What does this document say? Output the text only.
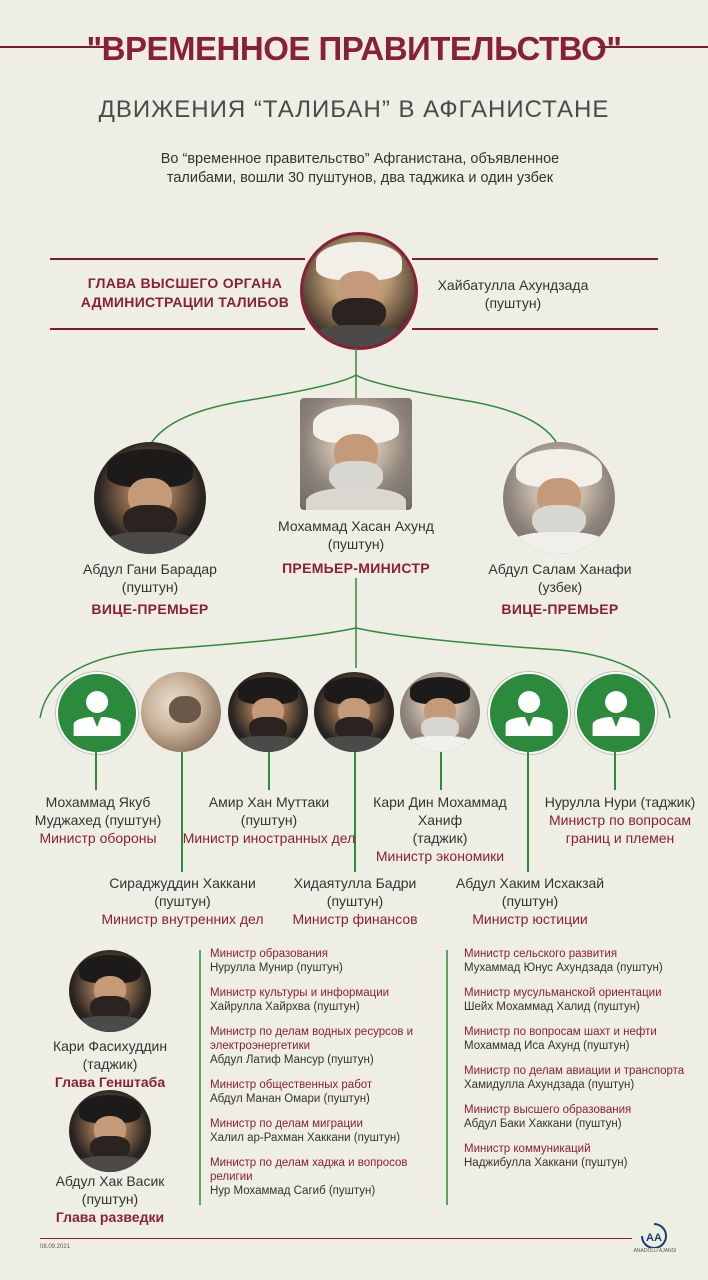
"ВРЕМЕННОЕ ПРАВИТЕЛЬСТВО"
ДВИЖЕНИЯ “ТАЛИБАН” В АФГАНИСТАНЕ
Во “временное правительство” Афганистана, объявленное талибами, вошли 30 пуштунов, два таджика и один узбек
ГЛАВА ВЫСШЕГО ОРГАНА
АДМИНИСТРАЦИИ ТАЛИБОВ
Хайбатулла Ахундзада
(пуштун)
Мохаммад Хасан Ахунд
(пуштун)
ПРЕМЬЕР-МИНИСТР
Абдул Гани Барадар
(пуштун)
ВИЦЕ-ПРЕМЬЕР
Абдул Салам Ханафи
(узбек)
ВИЦЕ-ПРЕМЬЕР
Мохаммад Якуб
Муджахед (пуштун)
Министр обороны
Амир Хан Муттаки
(пуштун)
Министр иностранных дел
Кари Дин Мохаммад Ханиф
(таджик)
Министр экономики
Нурулла Нури (таджик)
Министр по вопросам
границ и племен
Сираджуддин Хаккани
(пуштун)
Министр внутренних дел
Хидаятулла Бадри
(пуштун)
Министр финансов
Абдул Хаким Исхакзай
(пуштун)
Министр юстиции
Кари Фасихуддин
(таджик)
Глава Генштаба
Абдул Хак Васик
(пуштун)
Глава разведки
Министр образования
Нурулла Мунир (пуштун)
Министр культуры и информации
Хайрулла Хайрхва (пуштун)
Министр по делам водных ресурсов и электроэнергетики
Абдул Латиф Мансур (пуштун)
Министр общественных работ
Абдул Манан Омари (пуштун)
Министр по делам миграции
Халил ар-Рахман Хаккани (пуштун)
Министр по делам хаджа и вопросов религии
Нур Мохаммад Сагиб (пуштун)
Министр сельского развития
Мухаммад Юнус Ахундзада (пуштун)
Министр мусульманской ориентации
Шейх Мохаммад Халид (пуштун)
Министр по вопросам шахт и нефти
Мохаммад Иса Ахунд (пуштун)
Министр по делам авиации и транспорта
Хамидулла Ахундзада (пуштун)
Министр высшего образования
Абдул Баки Хаккани (пуштун)
Министр коммуникаций
Наджибулла Хаккани (пуштун)
08.09.2021
AA
ANADOLU AJANSI
